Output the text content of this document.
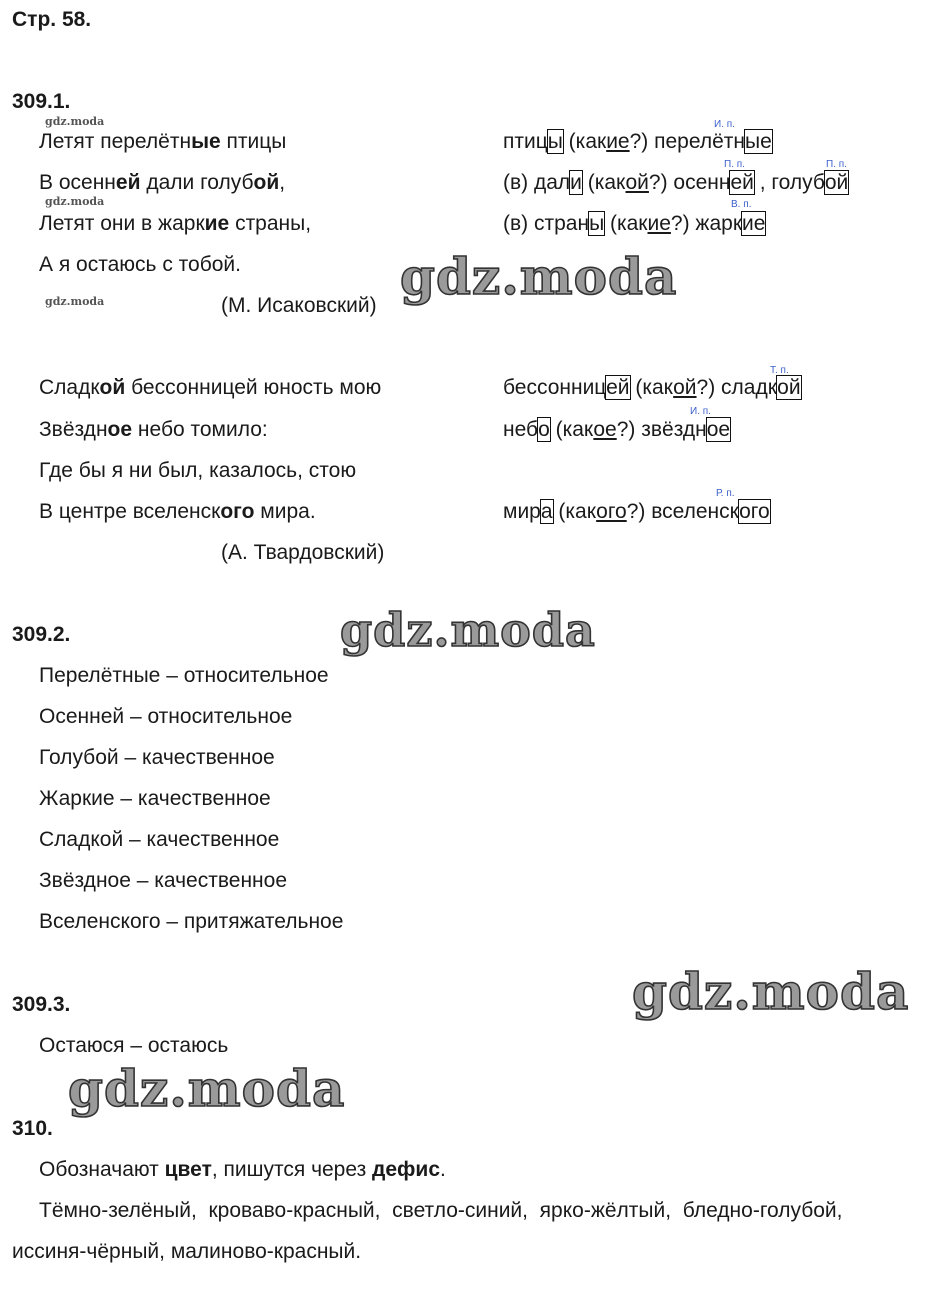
Стр. 58.
309.1.
gdz.moda
gdz.moda
gdz.moda
Летят перелётные птицы
В осенней дали голубой,
Летят они в жаркие страны,
А я остаюсь с тобой.
(М. Исаковский)
И. п.
птицы (какие?) перелётные
П. п.	П. п.
(в) дали (какой?) осенней , голубой
В. п.
(в) страны (какие?) жаркие
gdz.moda
Сладкой бессонницей юность мою
Звёздное небо томило:
Где бы я ни был, казалось, стою
В центре вселенского мира.
(А. Твардовский)
Т. п.
бессонницей (какой?) сладкой
И. п.
небо (какое?) звёздное
Р. п.
мира (какого?) вселенского
309.2.	gdz.moda
Перелётные – относительное
Осенней – относительное
Голубой – качественное
Жаркие – качественное
Сладкой – качественное
Звёздное – качественное
Вселенского – притяжательное
309.3.	gdz.moda
Остаюся – остаюсь
gdz.moda
310.
Обозначают цвет, пишутся через дефис.
Тёмно-зелёный,  кроваво-красный,  светло-синий,  ярко-жёлтый,  бледно-голубой,
иссиня-чёрный, малиново-красный.
